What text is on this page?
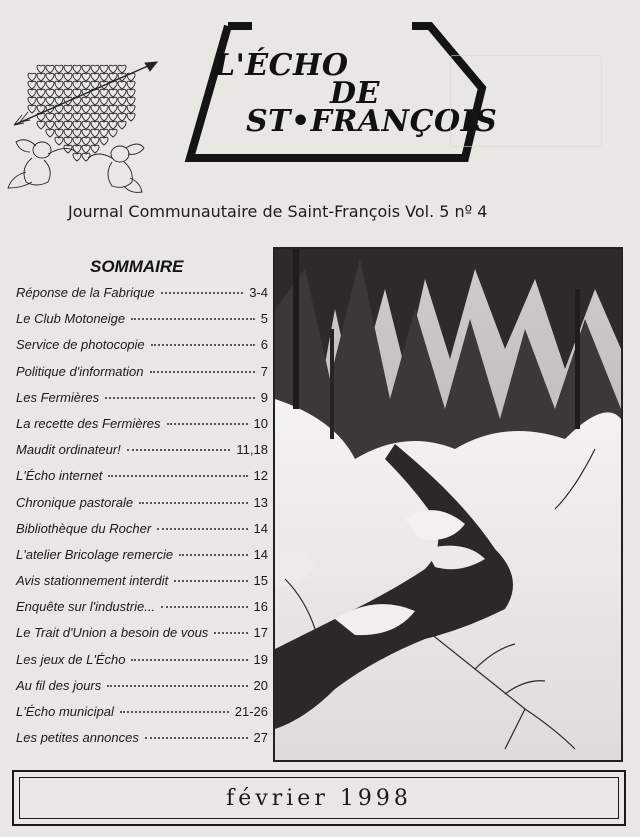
L'ÉCHO
DE
ST•FRANÇOIS
Journal Communautaire de Saint-François Vol. 5 nº 4
SOMMAIRE
Réponse de la Fabrique	3-4
Le Club Motoneige	5
Service de photocopie	6
Politique d'information	7
Les Fermières	9
La recette des Fermières	10
Maudit ordinateur!	11,18
L'Écho internet	12
Chronique pastorale	13
Bibliothèque du Rocher	14
L'atelier Bricolage remercie	14
Avis stationnement interdit	15
Enquête sur l'industrie...	16
Le Trait d'Union a besoin de vous	17
Les jeux de L'Écho	19
Au fil des jours	20
L'Écho municipal	21-26
Les petites annonces	27
février 1998
